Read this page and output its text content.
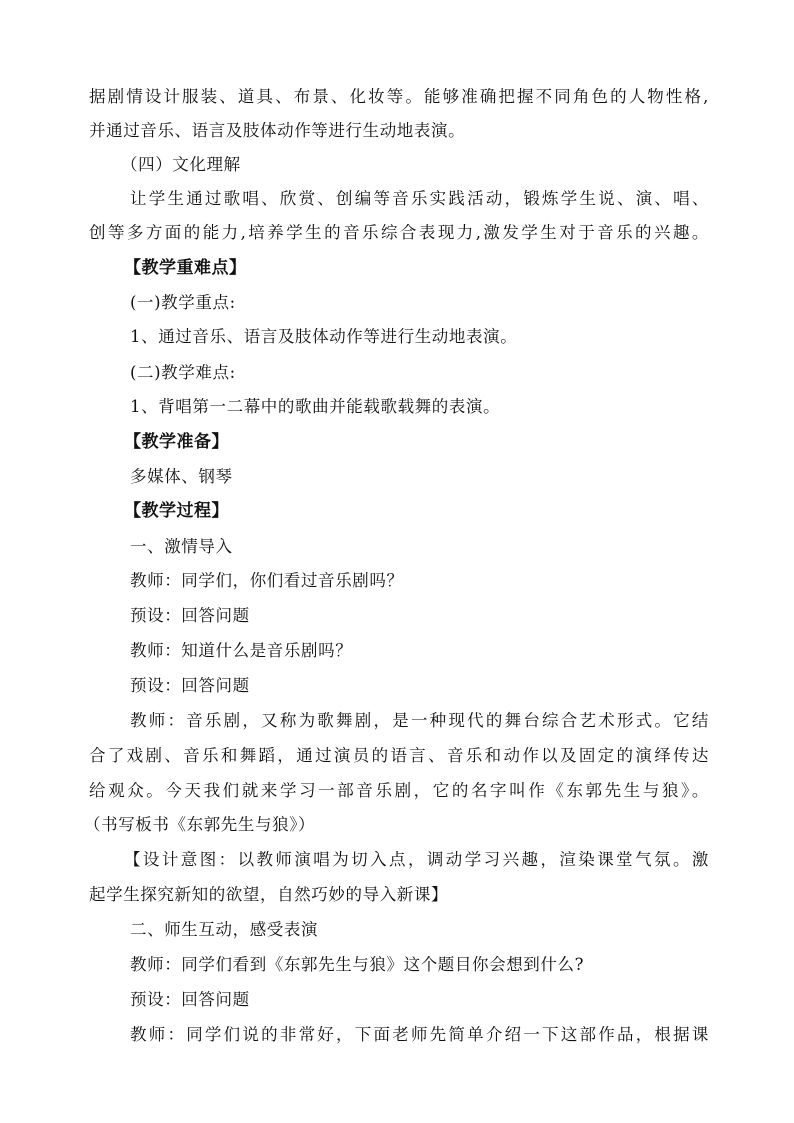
据剧情设计服装、道具、布景、化妆等。能够准确把握不同角色的人物性格,
并通过音乐、语言及肢体动作等进行生动地表演。
（四）文化理解
让学生通过歌唱、欣赏、创编等音乐实践活动，锻炼学生说、演、唱、
创等多方面的能力,培养学生的音乐综合表现力,激发学生对于音乐的兴趣。
【教学重难点】
(一)教学重点:
1、通过音乐、语言及肢体动作等进行生动地表演。
(二)教学难点:
1、背唱第一二幕中的歌曲并能载歌载舞的表演。
【教学准备】
多媒体、钢琴
【教学过程】
一、激情导入
教师：同学们，你们看过音乐剧吗？
预设：回答问题
教师：知道什么是音乐剧吗？
预设：回答问题
教师：音乐剧，又称为歌舞剧，是一种现代的舞台综合艺术形式。它结
合了戏剧、音乐和舞蹈，通过演员的语言、音乐和动作以及固定的演绎传达
给观众。今天我们就来学习一部音乐剧，它的名字叫作《东郭先生与狼》。
（书写板书《东郭先生与狼》）
【设计意图：以教师演唱为切入点，调动学习兴趣，渲染课堂气氛。激
起学生探究新知的欲望，自然巧妙的导入新课】
二、师生互动，感受表演
教师：同学们看到《东郭先生与狼》这个题目你会想到什么?
预设：回答问题
教师：同学们说的非常好，下面老师先简单介绍一下这部作品，根据课
